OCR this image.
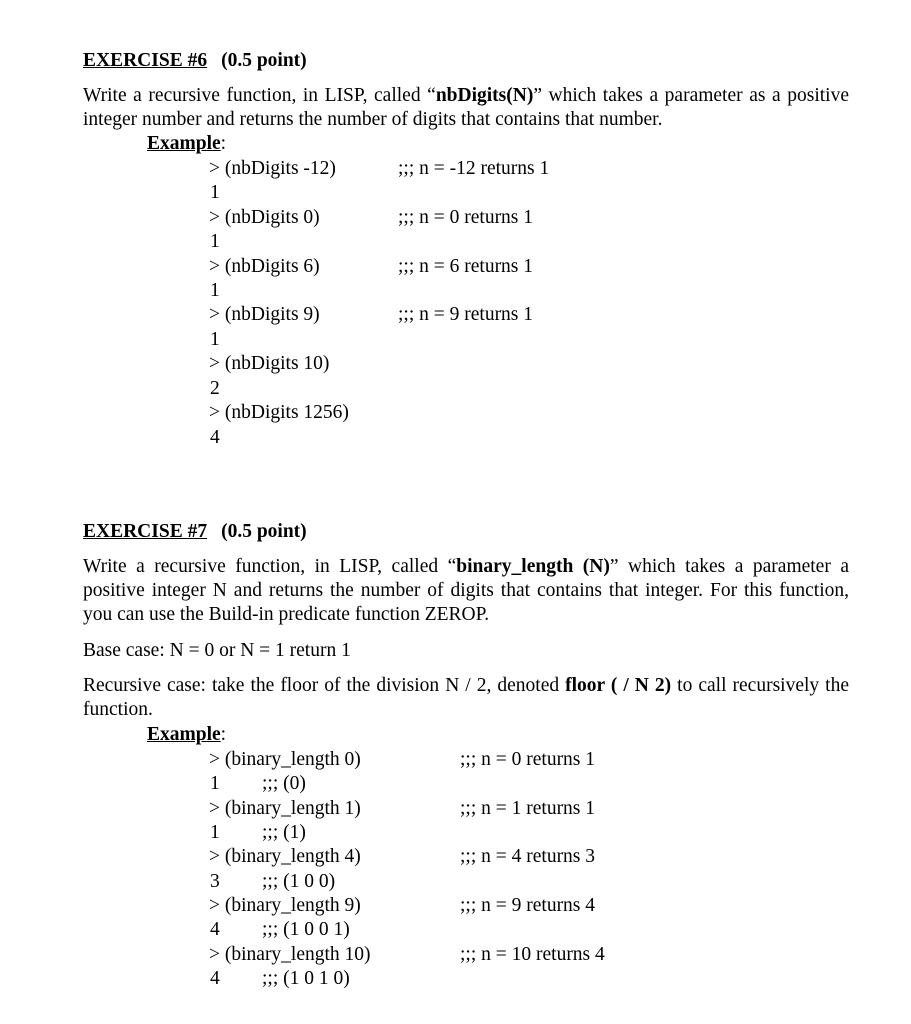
EXERCISE #6 (0.5 point)
Write a recursive function, in LISP, called “nbDigits(N)” which takes a parameter as a positive integer number and returns the number of digits that contains that number.
Example:
> (nbDigits -12)	;;; n = -12 returns 1
1
> (nbDigits 0)	;;; n = 0 returns 1
1
> (nbDigits 6)	;;; n = 6 returns 1
1
> (nbDigits 9)	;;; n = 9 returns 1
1
> (nbDigits 10)
2
> (nbDigits 1256)
4
EXERCISE #7 (0.5 point)
Write a recursive function, in LISP, called “binary_length (N)” which takes a parameter a positive integer N and returns the number of digits that contains that integer. For this function, you can use the Build-in predicate function ZEROP.
Base case: N = 0 or N = 1 return 1
Recursive case: take the floor of the division N / 2, denoted floor ( / N 2) to call recursively the function.
Example:
> (binary_length 0)	;;; n = 0 returns 1
1 ;;; (0)
> (binary_length 1)	;;; n = 1 returns 1
1 ;;; (1)
> (binary_length 4)	;;; n = 4 returns 3
3 ;;; (1 0 0)
> (binary_length 9)	;;; n = 9 returns 4
4 ;;; (1 0 0 1)
> (binary_length 10)	;;; n = 10 returns 4
4 ;;; (1 0 1 0)
